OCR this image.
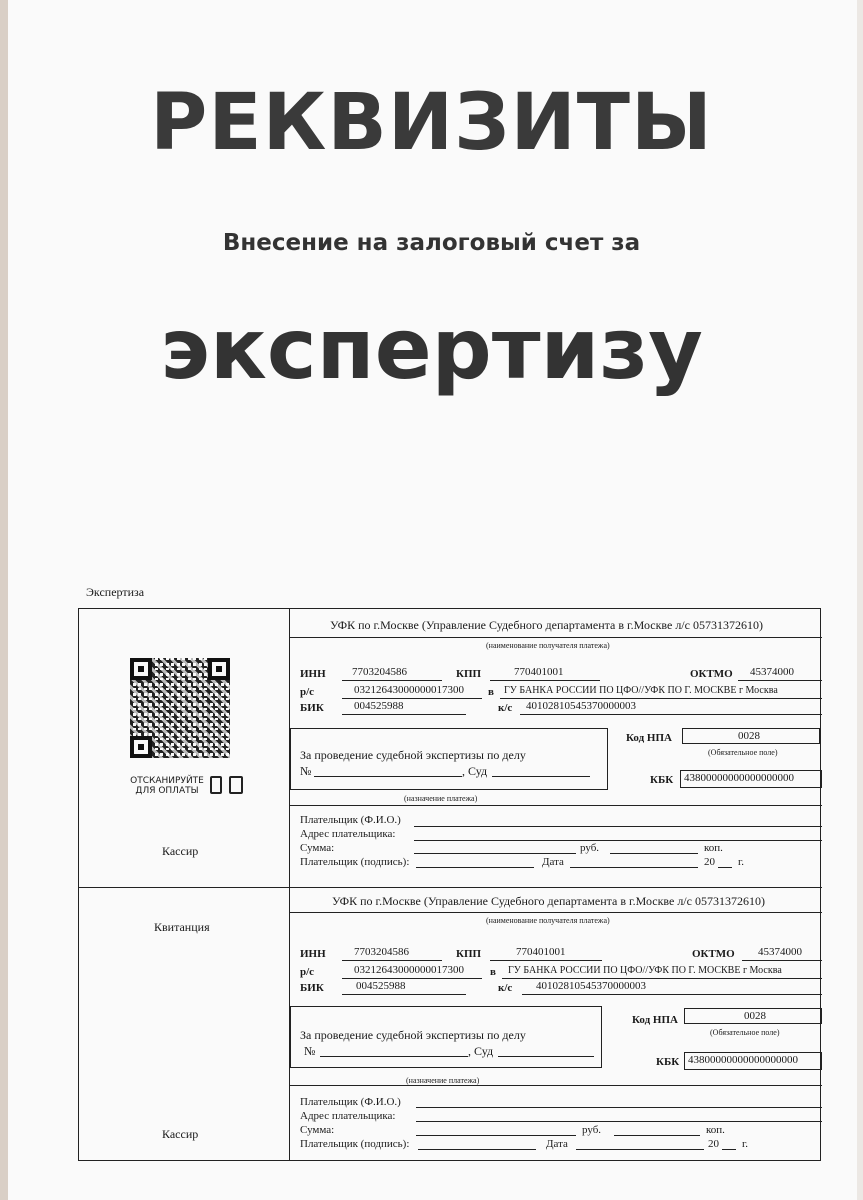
РЕКВИЗИТЫ
Внесение на залоговый счет за
экспертизу
Экспертиза
ОТСКАНИРУЙТЕ
ДЛЯ ОПЛАТЫ
Кассир
Квитанция
Кассир
УФК по г.Москве (Управление Судебного департамента в г.Москве л/с 05731372610)
(наименование получателя платежа)
ИНН 7703204586	КПП	770401001	ОКТМО 45374000
р/с	03212643000000017300 в ГУ БАНКА РОССИИ ПО ЦФО//УФК ПО Г. МОСКВЕ г Москва
БИК	004525988	к/с 40102810545370000003
За проведение судебной экспертизы по делу
№	, Суд
(назначение платежа)
Код НПА	0028
(Обязательное поле)
КБК 43800000000000000000
Плательщик (Ф.И.О.)
Адрес плательщика:
Сумма:	руб.	коп.
Плательщик (подпись):	Дата	20 г.
УФК по г.Москве (Управление Судебного департамента в г.Москве л/с 05731372610)
(наименование получателя платежа)
ИНН	7703204586	КПП	770401001	ОКТМО 45374000
р/с	03212643000000017300 в ГУ БАНКА РОССИИ ПО ЦФО//УФК ПО Г. МОСКВЕ г Москва
БИК	004525988	к/с 40102810545370000003
За проведение судебной экспертизы по делу
№	, Суд
(назначение платежа)
Код НПА	0028
(Обязательное поле)
КБК 43800000000000000000
Плательщик (Ф.И.О.)
Адрес плательщика:
Сумма:	руб.	коп.
Плательщик (подпись):	Дата	20 г.
